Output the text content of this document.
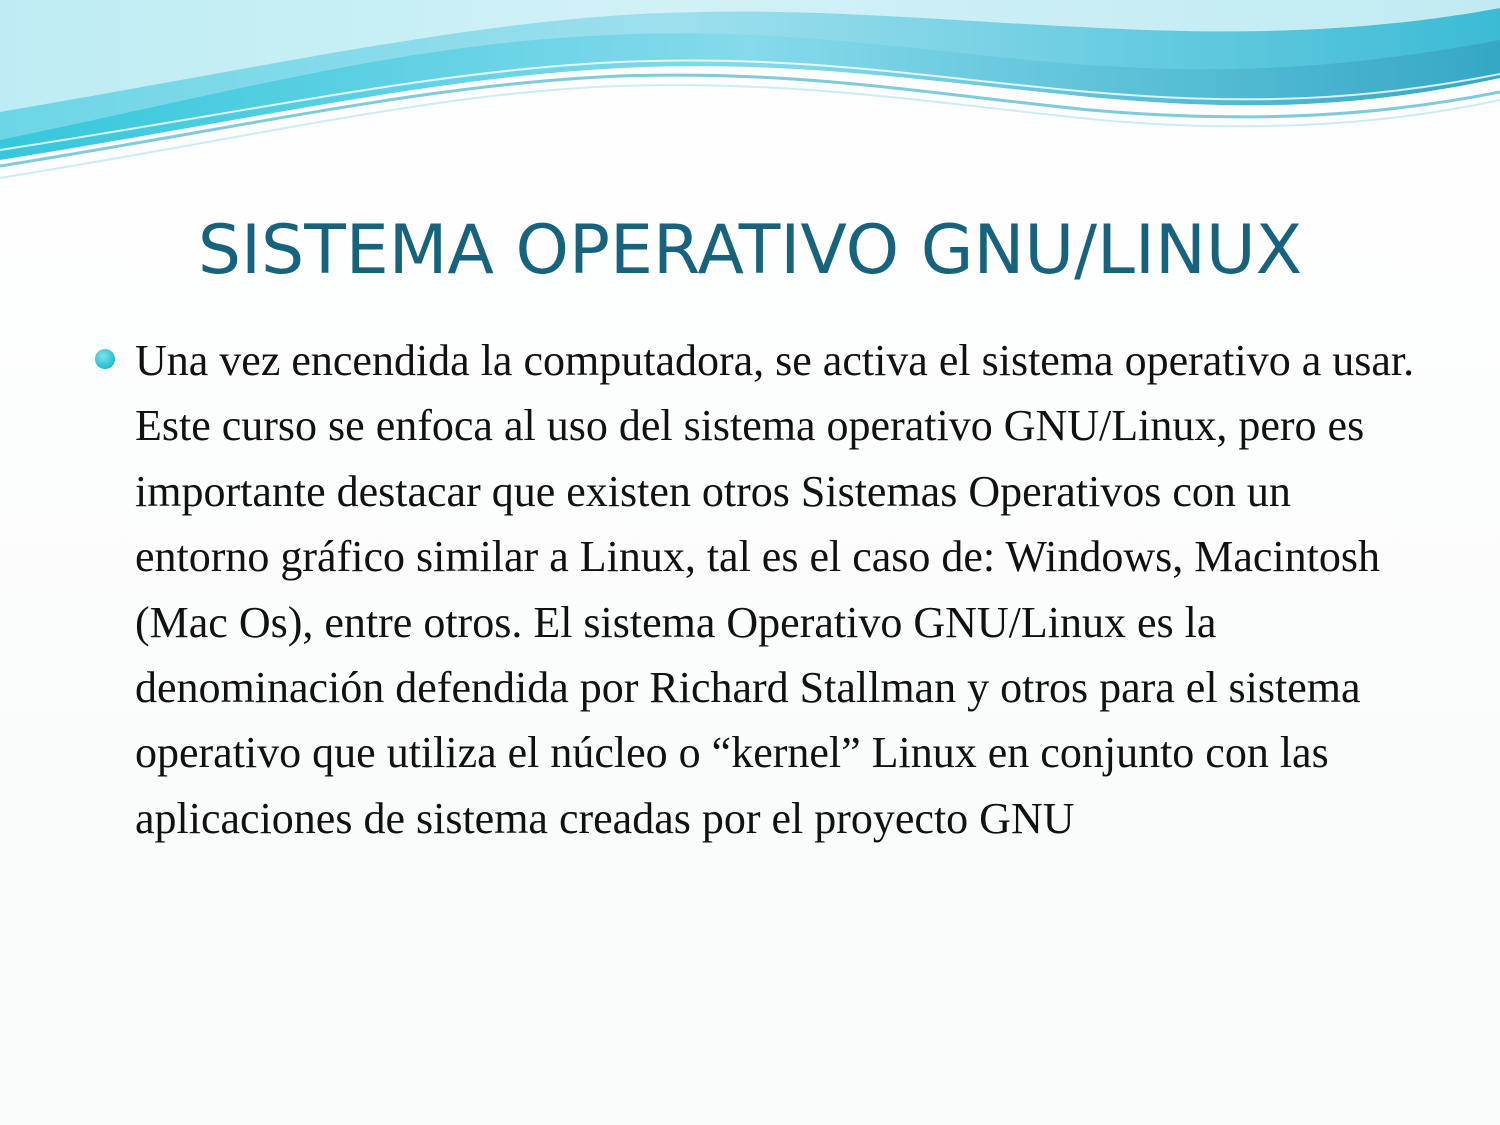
SISTEMA OPERATIVO GNU/LINUX

Una vez encendida la computadora, se activa el sistema operativo a usar. Este curso se enfoca al uso del sistema operativo GNU/Linux, pero es importante destacar que existen otros Sistemas Operativos con un entorno gráfico similar a Linux, tal es el caso de: Windows, Macintosh (Mac Os), entre otros. El sistema Operativo GNU/Linux es la denominación defendida por Richard Stallman y otros para el sistema operativo que utiliza el núcleo o “kernel” Linux en conjunto con las aplicaciones de sistema creadas por el proyecto GNU
